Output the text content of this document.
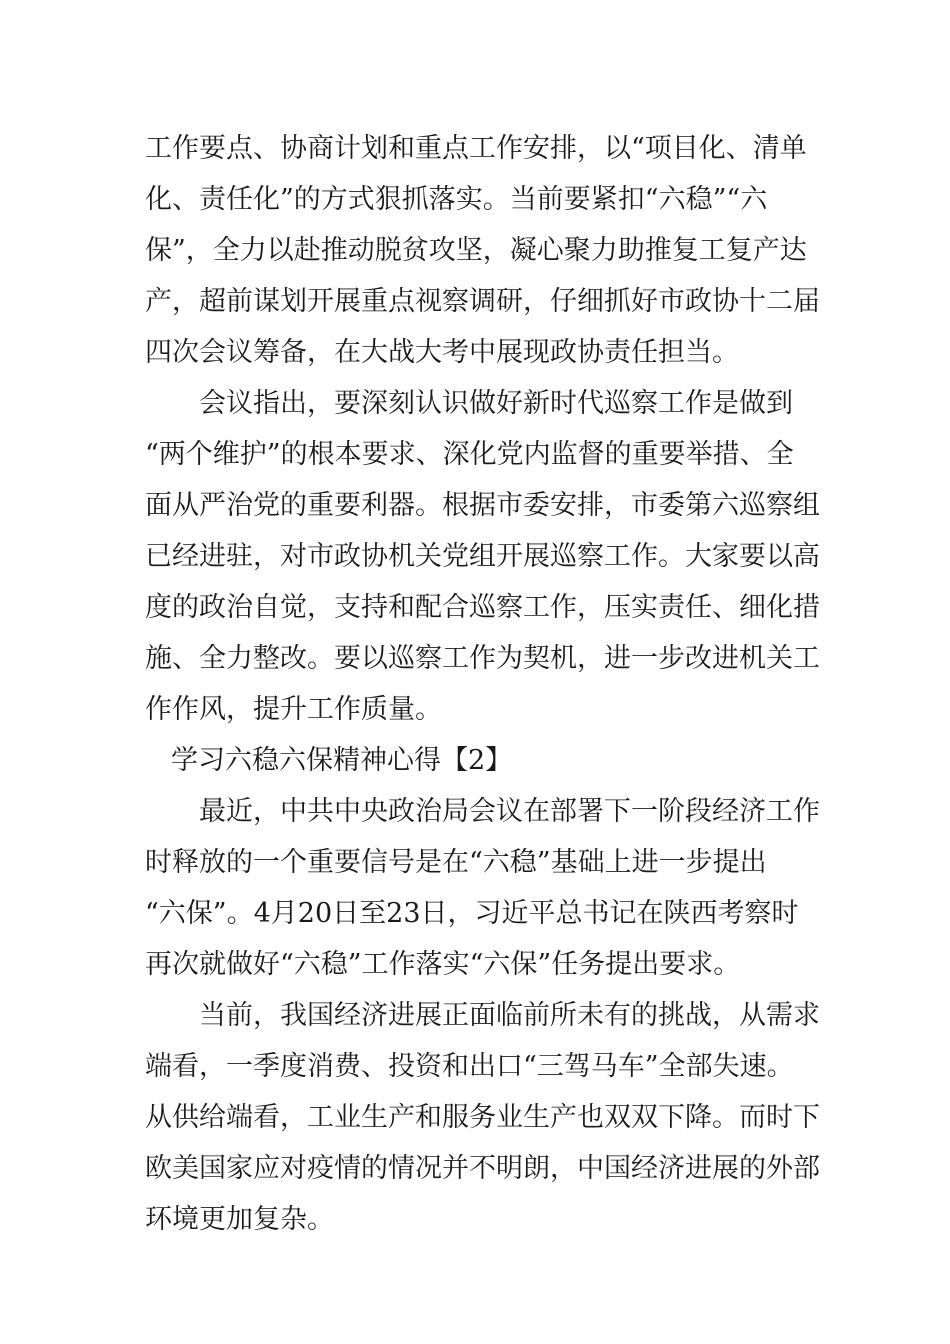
工作要点、协商计划和重点工作安排，以“项目化、清单
化、责任化”的方式狠抓落实。当前要紧扣“六稳”“六
保”，全力以赴推动脱贫攻坚，凝心聚力助推复工复产达
产，超前谋划开展重点视察调研，仔细抓好市政协十二届
四次会议筹备，在大战大考中展现政协责任担当。
会议指出，要深刻认识做好新时代巡察工作是做到
“两个维护”的根本要求、深化党内监督的重要举措、全
面从严治党的重要利器。根据市委安排，市委第六巡察组
已经进驻，对市政协机关党组开展巡察工作。大家要以高
度的政治自觉，支持和配合巡察工作，压实责任、细化措
施、全力整改。要以巡察工作为契机，进一步改进机关工
作作风，提升工作质量。
学习六稳六保精神心得【2】
最近，中共中央政治局会议在部署下一阶段经济工作
时释放的一个重要信号是在“六稳”基础上进一步提出
“六保”。4月20日至23日，习近平总书记在陕西考察时
再次就做好“六稳”工作落实“六保”任务提出要求。
当前，我国经济进展正面临前所未有的挑战，从需求
端看，一季度消费、投资和出口“三驾马车”全部失速。
从供给端看，工业生产和服务业生产也双双下降。而时下
欧美国家应对疫情的情况并不明朗，中国经济进展的外部
环境更加复杂。
